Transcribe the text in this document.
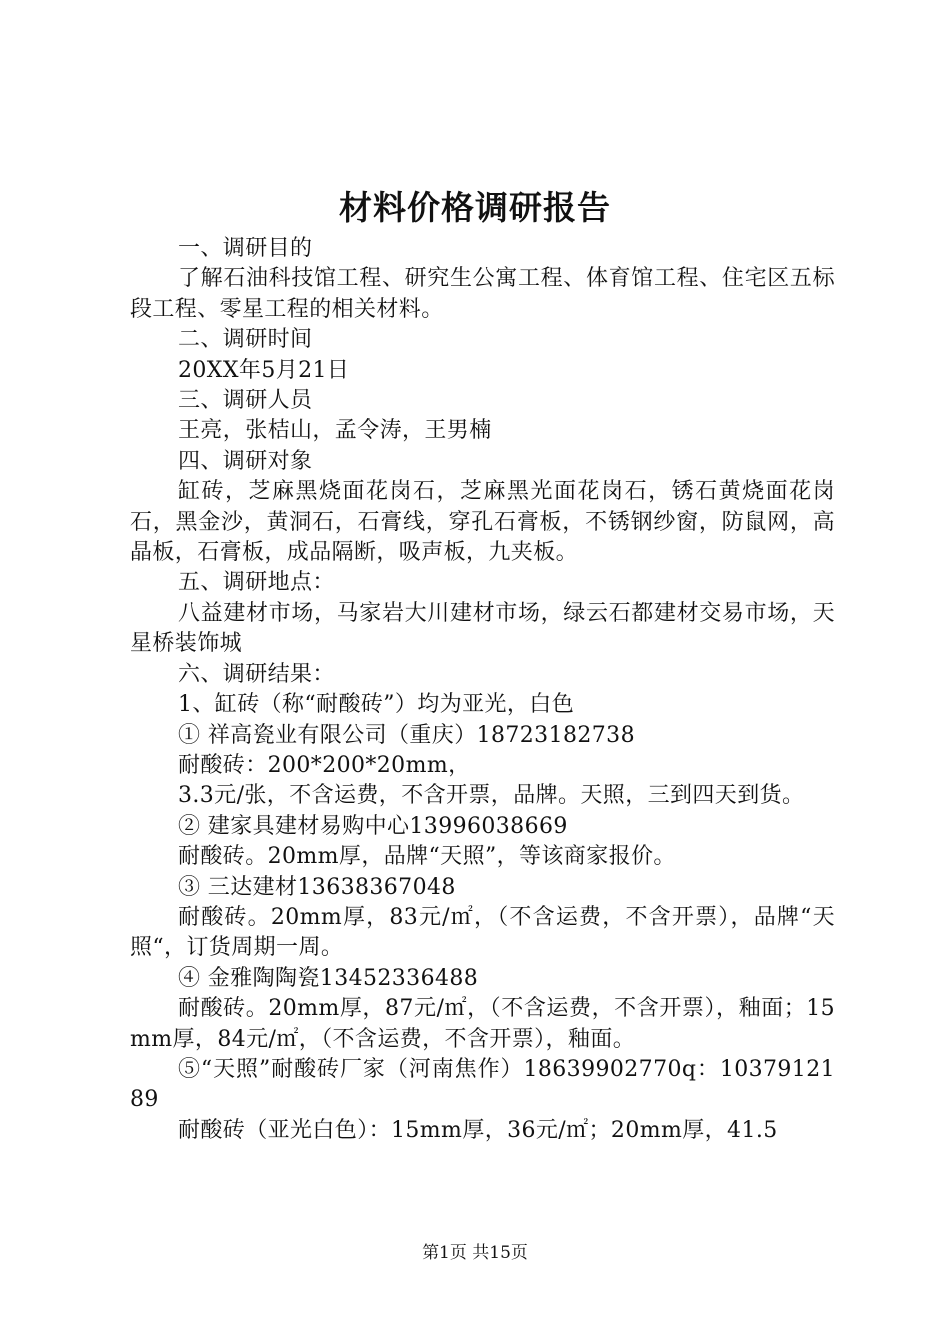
材料价格调研报告

一、调研目的

了解石油科技馆工程、研究生公寓工程、体育馆工程、住宅区五标段工程、零星工程的相关材料。

二、调研时间

20XX年5月21日

三、调研人员

王亮，张桔山，孟令涛，王男楠

四、调研对象

缸砖，芝麻黑烧面花岗石，芝麻黑光面花岗石，锈石黄烧面花岗石，黑金沙，黄洞石，石膏线，穿孔石膏板，不锈钢纱窗，防鼠网，高晶板，石膏板，成品隔断，吸声板，九夹板。

五、调研地点：

八益建材市场，马家岩大川建材市场，绿云石都建材交易市场，天星桥装饰城

六、调研结果：

1、缸砖（称“耐酸砖”）均为亚光，白色

① 祥高瓷业有限公司（重庆）18723182738

耐酸砖：200*200*20mm，

3.3元/张，不含运费，不含开票，品牌。天照，三到四天到货。

② 建家具建材易购中心13996038669

耐酸砖。20mm厚，品牌“天照”，等该商家报价。

③ 三达建材13638367048

耐酸砖。20mm厚，83元/㎡，（不含运费，不含开票），品牌“天照“，订货周期一周。

④ 金雅陶陶瓷13452336488

耐酸砖。20mm厚，87元/㎡，（不含运费，不含开票），釉面；15mm厚，84元/㎡，（不含运费，不含开票），釉面。

⑤“天照”耐酸砖厂家（河南焦作）18639902770q：1037912189

耐酸砖（亚光白色）：15mm厚，36元/㎡；20mm厚，41.5

第1页 共15页
